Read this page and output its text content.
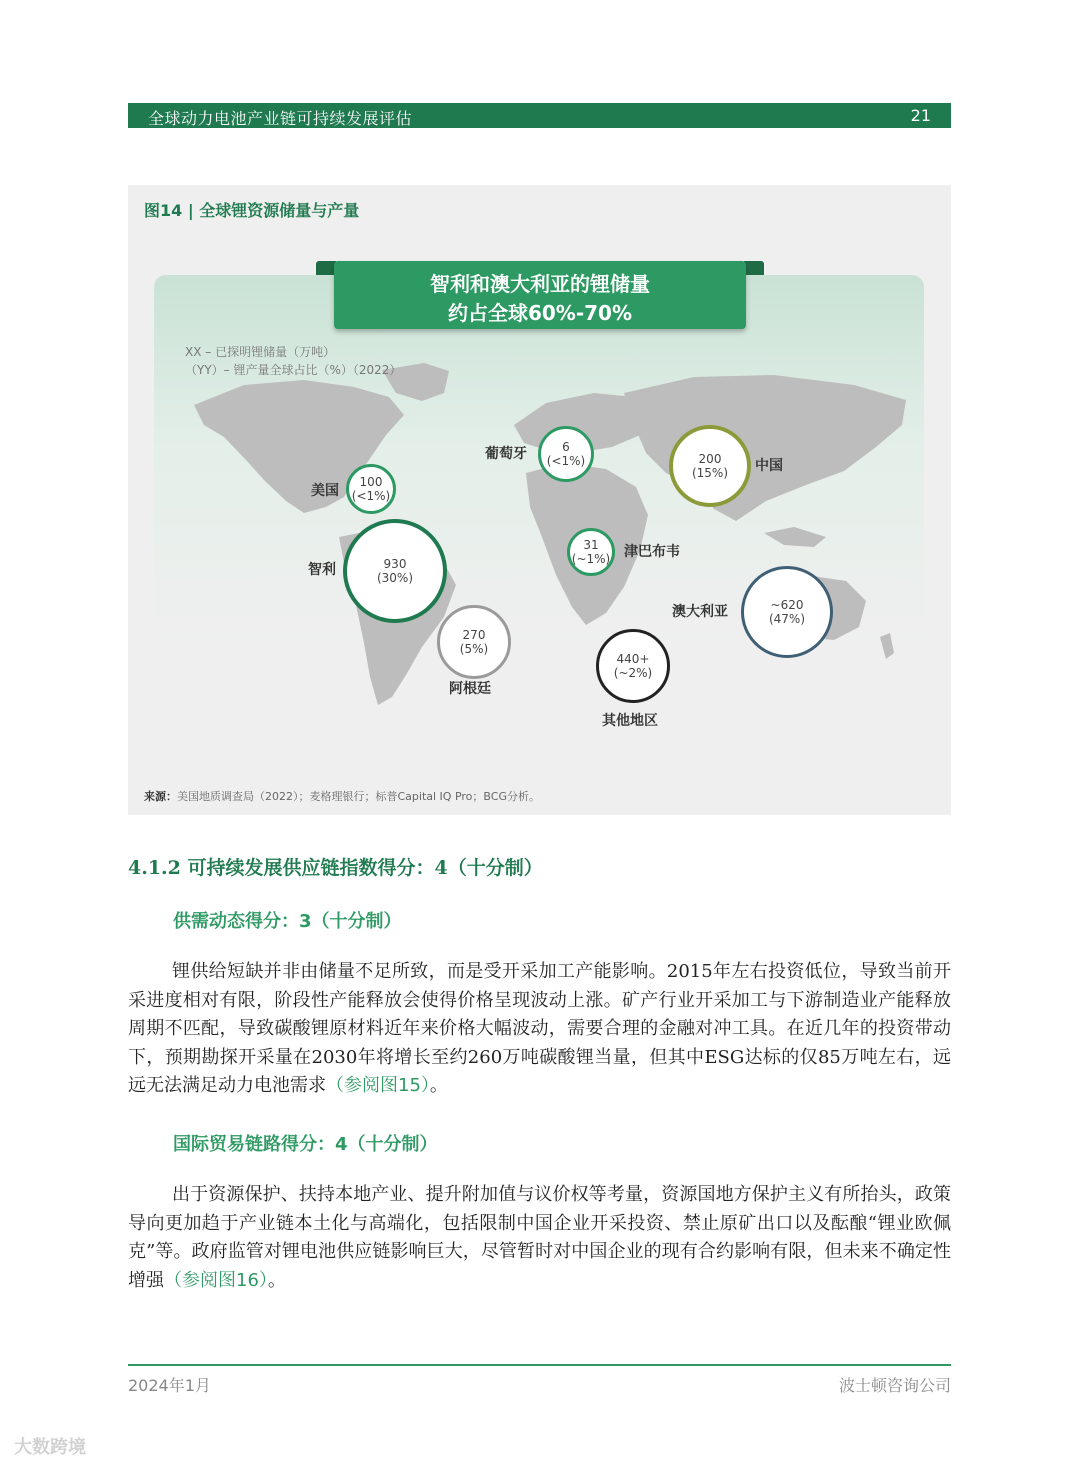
全球动力电池产业链可持续发展评估	21
图14 | 全球锂资源储量与产量
智利和澳大利亚的锂储量
约占全球60%-70%
XX – 已探明锂储量（万吨）
（YY）– 锂产量全球占比（%）（2022）
美国
100
(<1%)
智利	930
(30%)
270
(5%)
阿根廷
葡萄牙	6
(<1%)
31
(~1%) 津巴布韦
200
(15%) 中国
澳大利亚	~620
(47%)
440+
(~2%)
其他地区
来源：美国地质调查局（2022）；麦格理银行；标普Capital IQ Pro；BCG分析。
4.1.2 可持续发展供应链指数得分：4（十分制）
供需动态得分：3（十分制）

锂供给短缺并非由储量不足所致，而是受开采加工产能影响。2015年左右投资低位，导致当前开采进度相对有限，阶段性产能释放会使得价格呈现波动上涨。矿产行业开采加工与下游制造业产能释放周期不匹配，导致碳酸锂原材料近年来价格大幅波动，需要合理的金融对冲工具。在近几年的投资带动下，预期勘探开采量在2030年将增长至约260万吨碳酸锂当量，但其中ESG达标的仅85万吨左右，远远无法满足动力电池需求（参阅图15）。

国际贸易链路得分：4（十分制）

出于资源保护、扶持本地产业、提升附加值与议价权等考量，资源国地方保护主义有所抬头，政策导向更加趋于产业链本土化与高端化，包括限制中国企业开采投资、禁止原矿出口以及酝酿“锂业欧佩克”等。政府监管对锂电池供应链影响巨大，尽管暂时对中国企业的现有合约影响有限，但未来不确定性增强（参阅图16）。

2024年1月	波士顿咨询公司
大数跨境
